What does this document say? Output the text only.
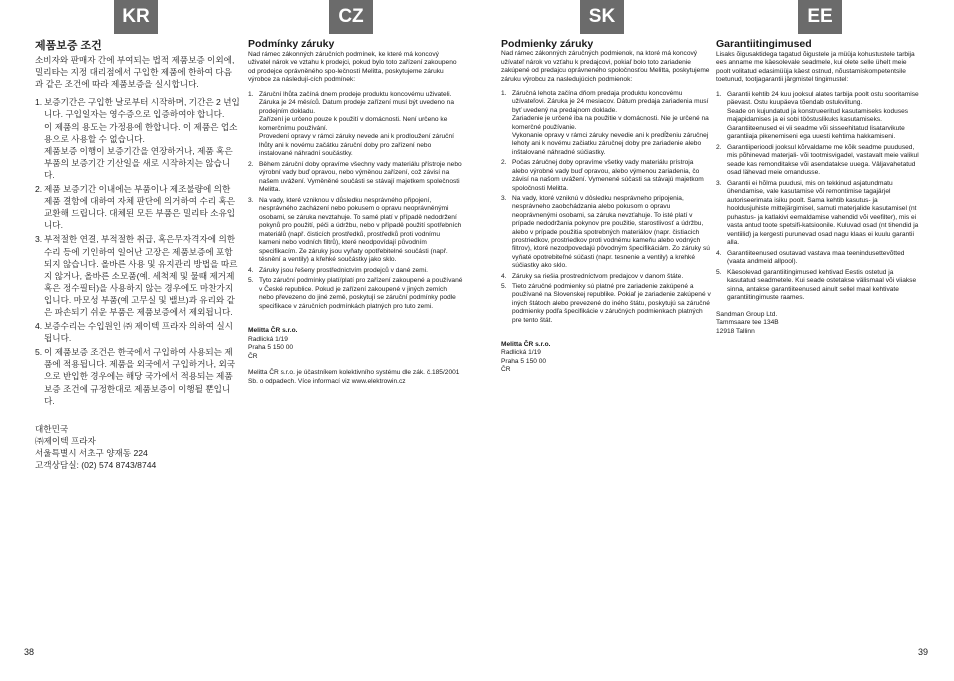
KR	CZ	SK	EE
제품보증 조건

소비자와 판매자 간에 부여되는 법적 제품보증 이외에, 밀리타는 지정 대리점에서 구입한 제품에 한하여 다음과 같은 조건에 따라 제품보증을 실시합니다.

1. 보증기간은 구입한 날로부터 시작하며, 기간은 2 년입니다. 구입일자는 영수증으로 입증하여야 합니다.
이 제품의 용도는 가정용에 한합니다. 이 제품은 업소용으로 사용할 수 없습니다.
제품보증 이행이 보증기간을 연장하거나, 제품 혹은 부품의 보증기간 기산일을 새로 시작하지는 않습니다.
2. 제품 보증기간 이내에는 부품이나 제조불량에 의한 제품 결함에 대하여 자체 판단에 의거하여 수리 혹은 교환해 드립니다. 대체된 모든 부품은 밀리타 소유입니다.
3. 부적절한 연결, 부적절한 취급, 혹은무자격자에 의한 수리 등에 기인하여 일어난 고장은 제품보증에 포함되지 않습니다. 올바른 사용 및 유지관리 방법을 따르지 않거나, 올바른 소모품(예. 세척제 및 물때 제거제 혹은 정수필터)을 사용하지 않는 경우에도 마찬가지입니다. 마모성 부품(예 고무실 및 밸브)과 유리와 같은 파손되기 쉬운 부품은 제품보증에서 제외됩니다.
4. 보증수리는 수입원인 ㈜ 제이텍 프라자 의하여 실시됩니다.
5. 이 제품보증 조건은 한국에서 구입하여 사용되는 제품에 적용됩니다. 제품을 외국에서 구입하거나, 외국으로 반입한 경우에는 해당 국가에서 적용되는 제품보증 조건에 규정한대로 제품보증이 이행될 뿐입니다.
대한민국
㈜제이텍 프라자
서울특별시 서초구 양재동 224
고객상담실: (02) 574 8743/8744
Podmínky záruky

Nad rámec zákonných záručních podmínek, ke které má koncový uživatel nárok ve vztahu k prodejci, pokud bylo toto zařízení zakoupeno od prodejce oprávněného spo-lečností Melitta, poskytujeme záruku výrobce za následují-cích podmínek:

1. Záruční lhůta začíná dnem prodeje produktu koncovému uživateli. Záruka je 24 měsíců. Datum prodeje zařízení musí být uvedeno na prodejním dokladu.
Zařízení je určeno pouze k použití v domácnosti. Není určeno ke komerčnímu používání.
Provedení opravy v rámci záruky nevede ani k prodloužení záruční lhůty ani k novému začátku záruční doby pro zařízení nebo instalované náhradní součástky.
2. Během záruční doby opravíme všechny vady materiálu přístroje nebo výrobní vady buď opravou, nebo výměnou zařízení, což závisí na našem uvážení. Vyměněné součásti se stávají majetkem společnosti Melitta.
3. Na vady, které vzniknou v důsledku nesprávného připojení, nesprávného zacházení nebo pokusem o opravu neoprávněnými osobami, se záruka nevztahuje. To samé platí v případě nedodržení pokynů pro použití, péči a údržbu, nebo v případě použití spotřebních materiálů (např. čisticích prostředků, prostředků proti vodnímu kameni nebo vodních filtrů), které neodpovídají původním specifikacím. Ze záruky jsou vyňaty opotřebitelné součásti (např. těsnění a ventily) a křehké součástky jako sklo.
4. Záruky jsou řešeny prostřednictvím prodejců v dané zemi.
5. Tyto záruční podmínky platí/platí pro zařízení zakoupené a používané v České republice. Pokud je zařízení zakoupené v jiných zemích nebo převezeno do jiné země, poskytují se záruční podmínky podle specifikace v záručních podmínkách platných pro tuto zemi.
Melitta ČR s.r.o.
Radlická 1/19
Praha 5 150 00
ČR

Melitta ČR s.r.o. je účastníkem kolektivního systému dle zák. č.185/2001 Sb. o odpadech. Více informací viz www.elektrowin.cz

Podmienky záruky

Nad rámec zákonných záručných podmienok, na ktoré má koncový užívateľ nárok vo vzťahu k predajcovi, pokiaľ bolo toto zariadenie zakúpené od predajcu oprávneného spoločnosťou Melitta, poskytujeme záruku výrobcu za nasledujúcich podmienok:

1. Záručná lehota začína dňom predaja produktu koncovému užívateľovi. Záruka je 24 mesiacov. Dátum predaja zariadenia musí byť uvedený na predajnom doklade.
Zariadenie je určené iba na použitie v domácnosti. Nie je určené na komerčné používanie.
Vykonanie opravy v rámci záruky nevedie ani k predĺženiu záručnej lehoty ani k novému začiatku záručnej doby pre zariadenie alebo inštalované náhradné súčiastky.
2. Počas záručnej doby opravíme všetky vady materiálu prístroja alebo výrobné vady buď opravou, alebo výmenou zariadenia, čo závisí na našom uvážení. Vymenené súčasti sa stávajú majetkom spoločnosti Melitta.
3. Na vady, ktoré vzniknú v dôsledku nesprávneho pripojenia, nesprávneho zaobchádzania alebo pokusom o opravu neoprávnenými osobami, sa záruka nevzťahuje. To isté platí v prípade nedodržania pokynov pre použitie, starostlivosť a údržbu, alebo v prípade použitia spotrebných materiálov (napr. čistiacich prostriedkov, prostriedkov proti vodnému kameňu alebo vodných filtrov), ktoré nezodpovedajú pôvodným špecifikáciám. Zo záruky sú vyňaté opotrebiteľné súčasti (napr. tesnenie a ventily) a krehké súčiastky ako sklo.
4. Záruky sa riešia prostredníctvom predajcov v danom štáte.
5. Tieto záručné podmienky sú platné pre zariadenie zakúpené a používané na Slovenskej republike. Pokiaľ je zariadenie zakúpené v iných štátoch alebo prevezené do iného štátu, poskytujú sa záručné podmienky podľa špecifikácie v záručných podmienkach platných pre tento štát.
Melitta ČR s.r.o.
Radlická 1/19
Praha 5 150 00
ČR
Garantiitingimused

Lisaks õigusaktidega tagatud õigustele ja müüja kohustustele tarbija ees anname me käesolevale seadmele, kui olete selle üheIt meie poolt volitatud edasimüüja käest ostnud, nõustamiskompetentsile toetunud, tootjagarantii järgmistel tingimustel:

1. Garantii kehtib 24 kuu jooksul alates tarbija poolt ostu sooritamise päevast. Ostu kuupäeva tõendab ostukviitung.
Seade on kujundatud ja konstrueeritud kasutamiseks koduses majapidamises ja ei sobi tööstuslikuks kasutamiseks.
Garantiiteenused ei vii seadme või sisseehitatud lisatarvikute garantiiaja pikenemiseni ega uuesti kehtima hakkamiseni.
2. Garantiiperioodi jooksul kõrvaldame me kõik seadme puudused, mis põhinevad materjali- või tootmisvigadel, vastavalt meie valikul seade kas remonditakse või asendatakse uuega. Väljavahetatud osad lähevad meie omandusse.
3. Garantii ei hõlma puudusi, mis on tekkinud asjatundmatu ühendamise, vale kasutamise või remontimise tagajärjel autoriseerimata isiku poolt. Sama kehtib kasutus- ja hooldusjuhiste mittejärgimisel, samuti materjalide kasutamisel (nt puhastus- ja katlakivi eemaldamise vahendid või veefilter), mis ei vasta antud toote spetsifi-katsioonile. Kuluvad osad (nt tihendid ja ventiilid) ja kergesti purunevad osad nagu klaas ei kuulu garantii alla.
4. Garantiiteenused osutavad vastava maa teenindusettevõtted (vaata andmeid allpool).
5. Käesolevad garantiitingimused kehtivad Eestis ostetud ja kasutatud seadmetele. Kui seade ostetakse välismaal või viiakse sinna, antakse garantiiteenused ainult sellel maal kehtivate garantiitingimuste raames.
Sandman Group Ltd.
Tammsaare tee 134B
12918 Tallinn
38	39
